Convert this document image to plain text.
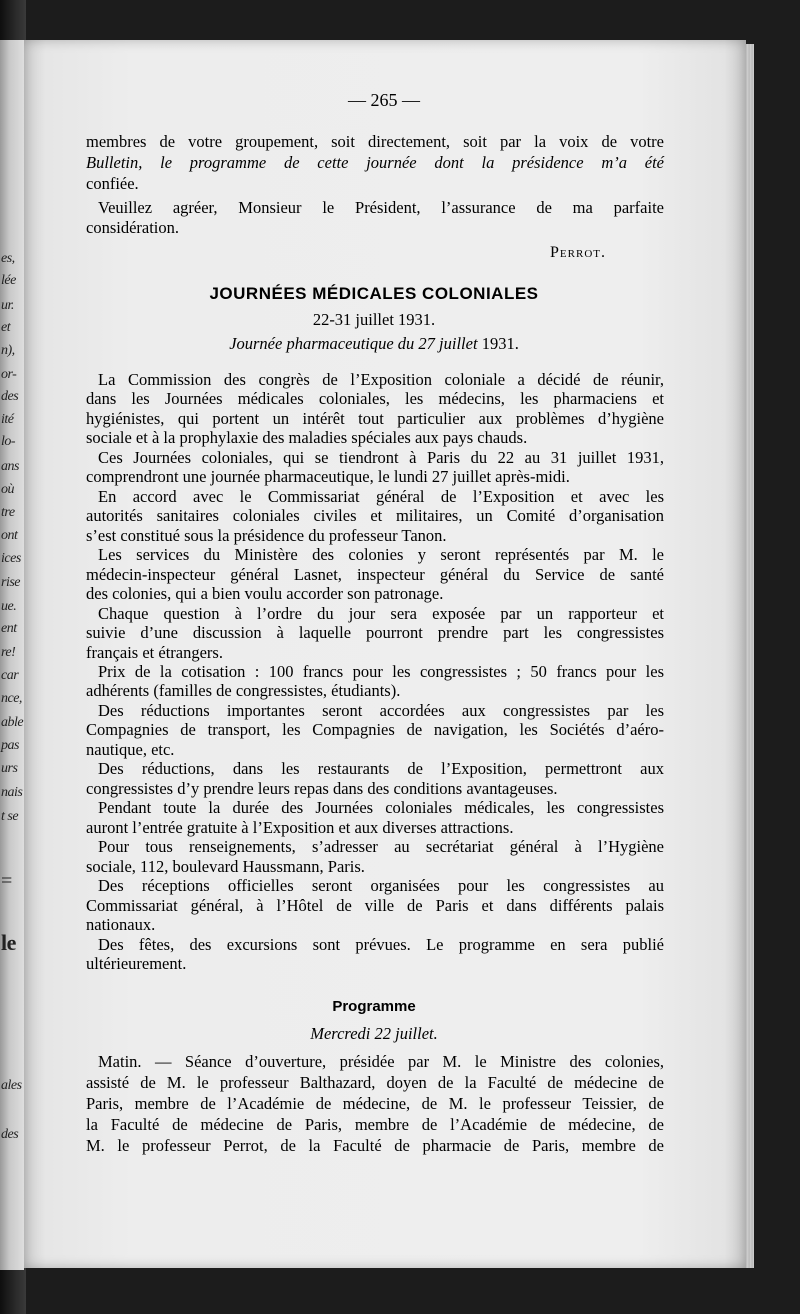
es,
lée
ur.
et
n),
or-
des
ité
lo-
ans
où
tre
ont
ices
rise
ue.
ent
re!
car
nce,
able
pas
urs
nais
t se
=
le
ales
des
— 265 —
membres de votre groupement, soit directement, soit par la voix de votre
Bulletin, le programme de cette journée dont la présidence m’a été
confiée.
Veuillez agréer, Monsieur le Président, l’assurance de ma parfaite
considération.
Perrot.
JOURNÉES MÉDICALES COLONIALES
22-31 juillet 1931.
Journée pharmaceutique du 27 juillet 1931.
La Commission des congrès de l’Exposition coloniale a décidé de réunir,
dans les Journées médicales coloniales, les médecins, les pharmaciens et
hygiénistes, qui portent un intérêt tout particulier aux problèmes d’hygiène
sociale et à la prophylaxie des maladies spéciales aux pays chauds.
Ces Journées coloniales, qui se tiendront à Paris du 22 au 31 juillet 1931,
comprendront une journée pharmaceutique, le lundi 27 juillet après-midi.
En accord avec le Commissariat général de l’Exposition et avec les
autorités sanitaires coloniales civiles et militaires, un Comité d’organisation
s’est constitué sous la présidence du professeur Tanon.
Les services du Ministère des colonies y seront représentés par M. le
médecin-inspecteur général Lasnet, inspecteur général du Service de santé
des colonies, qui a bien voulu accorder son patronage.
Chaque question à l’ordre du jour sera exposée par un rapporteur et
suivie d’une discussion à laquelle pourront prendre part les congressistes
français et étrangers.
Prix de la cotisation : 100 francs pour les congressistes ; 50 francs pour les
adhérents (familles de congressistes, étudiants).
Des réductions importantes seront accordées aux congressistes par les
Compagnies de transport, les Compagnies de navigation, les Sociétés d’aéro-
nautique, etc.
Des réductions, dans les restaurants de l’Exposition, permettront aux
congressistes d’y prendre leurs repas dans des conditions avantageuses.
Pendant toute la durée des Journées coloniales médicales, les congressistes
auront l’entrée gratuite à l’Exposition et aux diverses attractions.
Pour tous renseignements, s’adresser au secrétariat général à l’Hygiène
sociale, 112, boulevard Haussmann, Paris.
Des réceptions officielles seront organisées pour les congressistes au
Commissariat général, à l’Hôtel de ville de Paris et dans différents palais
nationaux.
Des fêtes, des excursions sont prévues. Le programme en sera publié
ultérieurement.
Programme
Mercredi 22 juillet.
Matin. — Séance d’ouverture, présidée par M. le Ministre des colonies,
assisté de M. le professeur Balthazard, doyen de la Faculté de médecine de
Paris, membre de l’Académie de médecine, de M. le professeur Teissier, de
la Faculté de médecine de Paris, membre de l’Académie de médecine, de
M. le professeur Perrot, de la Faculté de pharmacie de Paris, membre de
